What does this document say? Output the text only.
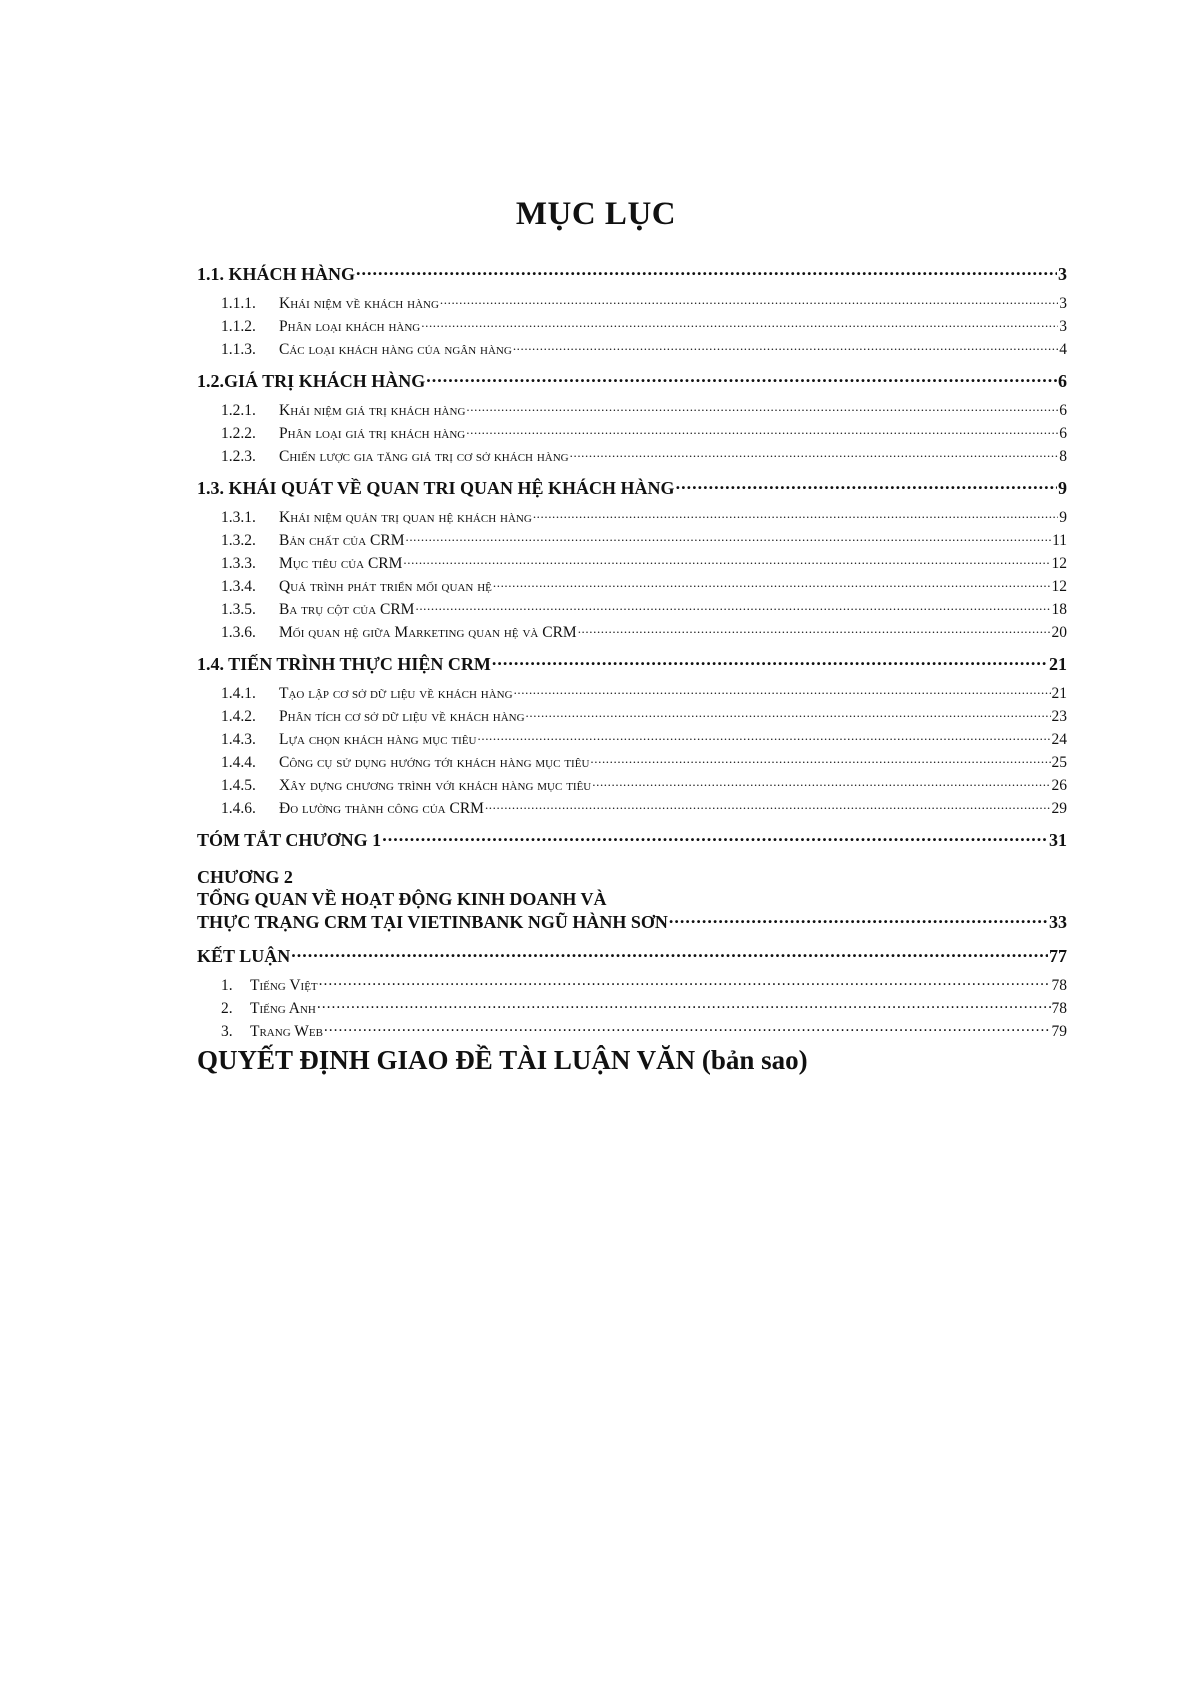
MỤC LỤC
1.1. KHÁCH HÀNG .....	3
1.1.1. Khái niệm về khách hàng .....	3
1.1.2. Phân loại khách hàng .....	3
1.1.3. Các loại khách hàng của ngân hàng .....	4
1.2.GIÁ TRỊ KHÁCH HÀNG .....	6
1.2.1. Khái niệm giá trị khách hàng .....	6
1.2.2. Phân loại giá trị khách hàng .....	6
1.2.3. Chiến lược gia tăng giá trị cơ sở khách hàng .....	8
1.3. KHÁI QUÁT VỀ QUAN TRI QUAN HỆ KHÁCH HÀNG .....	9
1.3.1. Khái niệm quản trị quan hệ khách hàng .....	9
1.3.2. Bản chất của CRM .....	11
1.3.3. Mục tiêu của CRM .....	12
1.3.4. Quá trình phát triển mối quan hệ .....	12
1.3.5. Ba trụ cột của CRM .....	18
1.3.6. Mối quan hệ giữa Marketing quan hệ và CRM .....	20
1.4. TIẾN TRÌNH THỰC HIỆN CRM .....	21
1.4.1. Tạo lập cơ sở dữ liệu về khách hàng .....	21
1.4.2. Phân tích cơ sở dữ liệu về khách hàng .....	23
1.4.3. Lựa chọn khách hàng mục tiêu .....	24
1.4.4. Công cụ sử dụng hướng tới khách hàng mục tiêu .....	25
1.4.5. Xây dựng chương trình với khách hàng mục tiêu .....	26
1.4.6. Đo lường thành công của CRM .....	29
TÓM TẮT CHƯƠNG 1 .....	31
CHƯƠNG 2
TỔNG QUAN VỀ HOẠT ĐỘNG KINH DOANH VÀ
THỰC TRẠNG CRM TẠI VIETINBANK NGŨ HÀNH SƠN .....	33
KẾT LUẬN .....	77
1. Tiếng Việt .....	78
2. Tiếng Anh .....	78
3. Trang Web .....	79
QUYẾT ĐỊNH GIAO ĐỀ TÀI LUẬN VĂN (bản sao)
